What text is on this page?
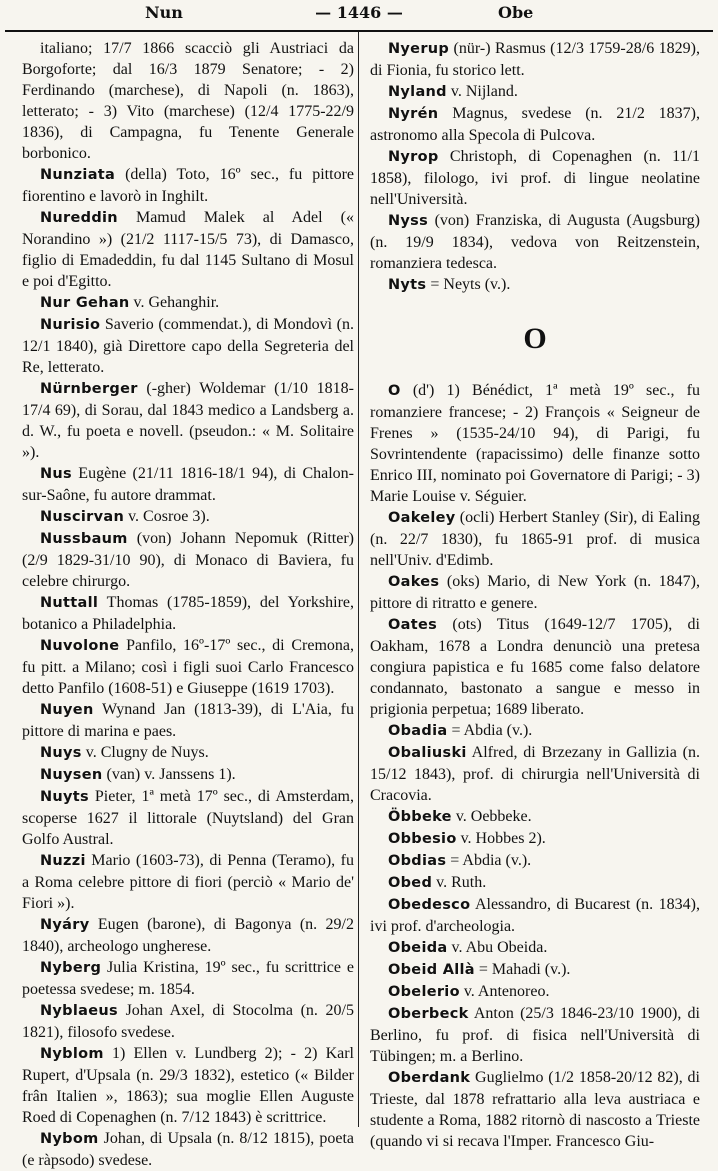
Nun	— 1446 —	Obe

italiano; 17/7 1866 scacciò gli Austriaci da Borgoforte; dal 16/3 1879 Senatore; - 2) Ferdinando (marchese), di Napoli (n. 1863), letterato; - 3) Vito (marchese) (12/4 1775-22/9 1836), di Campagna, fu Tenente Generale borbonico.

Nunziata (della) Toto, 16º sec., fu pittore fiorentino e lavorò in Inghilt.

Nureddin Mamud Malek al Adel (« Norandino ») (21/2 1117-15/5 73), di Damasco, figlio di Emadeddin, fu dal 1145 Sultano di Mosul e poi d'Egitto.

Nur Gehan v. Gehanghir.

Nurisio Saverio (commendat.), di Mondovì (n. 12/1 1840), già Direttore capo della Segreteria del Re, letterato.

Nürnberger (-gher) Woldemar (1/10 1818-17/4 69), di Sorau, dal 1843 medico a Landsberg a. d. W., fu poeta e novell. (pseudon.: « M. Solitaire »).

Nus Eugène (21/11 1816-18/1 94), di Chalon-sur-Saône, fu autore drammat.

Nuscirvan v. Cosroe 3).

Nussbaum (von) Johann Nepomuk (Ritter) (2/9 1829-31/10 90), di Monaco di Baviera, fu celebre chirurgo.

Nuttall Thomas (1785-1859), del Yorkshire, botanico a Philadelphia.

Nuvolone Panfilo, 16º-17º sec., di Cremona, fu pitt. a Milano; così i figli suoi Carlo Francesco detto Panfilo (1608-51) e Giuseppe (1619 1703).

Nuyen Wynand Jan (1813-39), di L'Aia, fu pittore di marina e paes.

Nuys v. Clugny de Nuys.

Nuysen (van) v. Janssens 1).

Nuyts Pieter, 1ª metà 17º sec., di Amsterdam, scoperse 1627 il littorale (Nuytsland) del Gran Golfo Austral.

Nuzzi Mario (1603-73), di Penna (Teramo), fu a Roma celebre pittore di fiori (perciò « Mario de' Fiori »).

Nyáry Eugen (barone), di Bagonya (n. 29/2 1840), archeologo ungherese.

Nyberg Julia Kristina, 19º sec., fu scrittrice e poetessa svedese; m. 1854.

Nyblaeus Johan Axel, di Stocolma (n. 20/5 1821), filosofo svedese.

Nyblom 1) Ellen v. Lundberg 2); - 2) Karl Rupert, d'Upsala (n. 29/3 1832), estetico (« Bilder frân Italien », 1863); sua moglie Ellen Auguste Roed di Copenaghen (n. 7/12 1843) è scrittrice.

Nybom Johan, di Upsala (n. 8/12 1815), poeta (e ràpsodo) svedese.

Nyerup (nür-) Rasmus (12/3 1759-28/6 1829), di Fionia, fu storico lett.

Nyland v. Nijland.

Nyrén Magnus, svedese (n. 21/2 1837), astronomo alla Specola di Pulcova.

Nyrop Christoph, di Copenaghen (n. 11/1 1858), filologo, ivi prof. di lingue neolatine nell'Università.

Nyss (von) Franziska, di Augusta (Augsburg) (n. 19/9 1834), vedova von Reitzenstein, romanziera tedesca.

Nyts = Neyts (v.).

O

O (d') 1) Bénédict, 1ª metà 19º sec., fu romanziere francese; - 2) François « Seigneur de Frenes » (1535-24/10 94), di Parigi, fu Sovrintendente (rapacissimo) delle finanze sotto Enrico III, nominato poi Governatore di Parigi; - 3) Marie Louise v. Séguier.

Oakeley (ocli) Herbert Stanley (Sir), di Ealing (n. 22/7 1830), fu 1865-91 prof. di musica nell'Univ. d'Edimb.

Oakes (oks) Mario, di New York (n. 1847), pittore di ritratto e genere.

Oates (ots) Titus (1649-12/7 1705), di Oakham, 1678 a Londra denunciò una pretesa congiura papistica e fu 1685 come falso delatore condannato, bastonato a sangue e messo in prigionia perpetua; 1689 liberato.

Obadia = Abdia (v.).

Obaliuski Alfred, di Brzezany in Gallizia (n. 15/12 1843), prof. di chirurgia nell'Università di Cracovia.

Öbbeke v. Oebbeke.

Obbesio v. Hobbes 2).

Obdias = Abdia (v.).

Obed v. Ruth.

Obedesco Alessandro, di Bucarest (n. 1834), ivi prof. d'archeologia.

Obeida v. Abu Obeida.

Obeid Allà = Mahadi (v.).

Obelerio v. Antenoreo.

Oberbeck Anton (25/3 1846-23/10 1900), di Berlino, fu prof. di fisica nell'Università di Tübingen; m. a Berlino.

Oberdank Guglielmo (1/2 1858-20/12 82), di Trieste, dal 1878 refrattario alla leva austriaca e studente a Roma, 1882 ritornò di nascosto a Trieste (quando vi si recava l'Imper. Francesco Giu-
